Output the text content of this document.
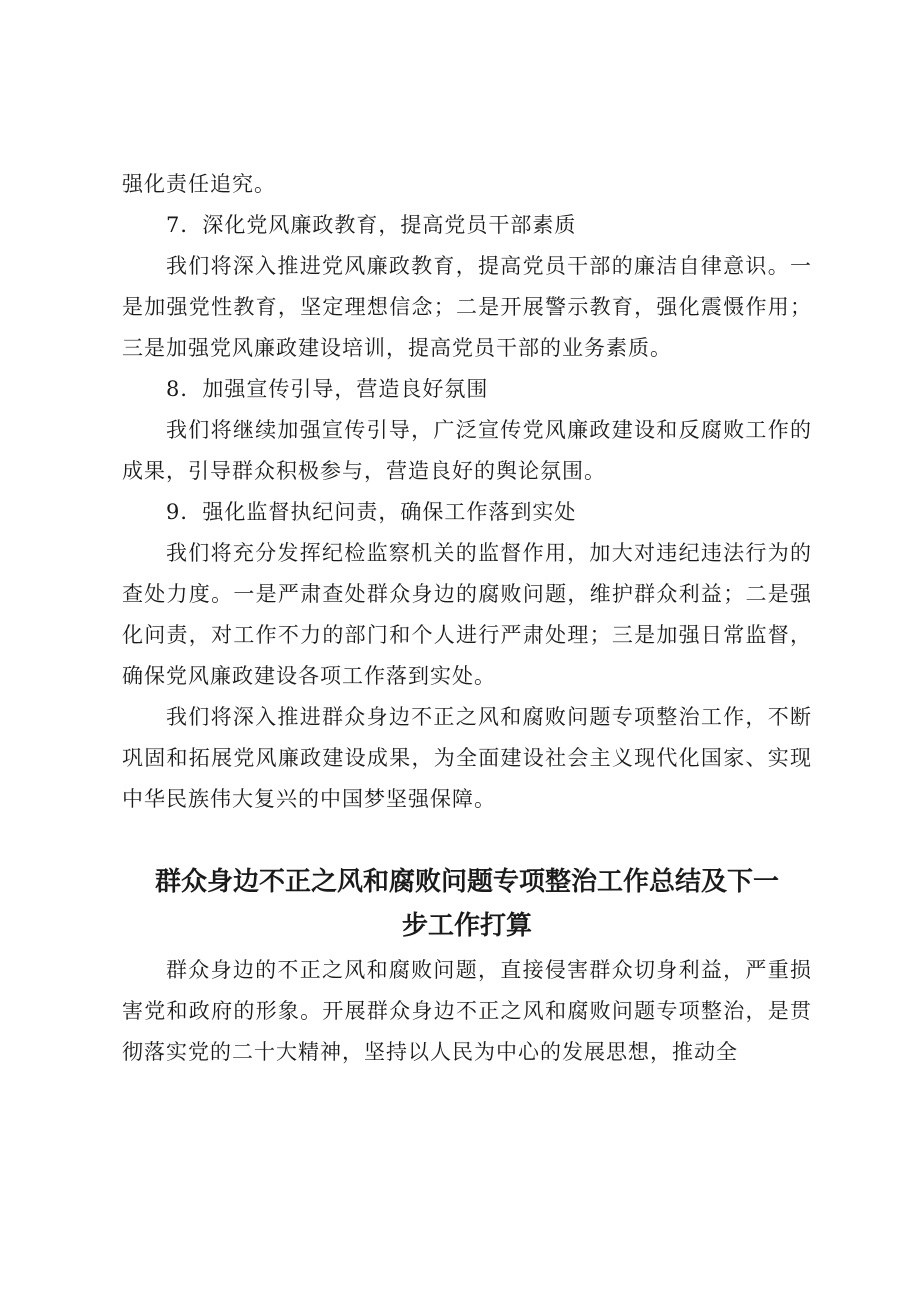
强化责任追究。

7．深化党风廉政教育，提高党员干部素质

我们将深入推进党风廉政教育，提高党员干部的廉洁自律意识。一是加强党性教育，坚定理想信念；二是开展警示教育，强化震慑作用；三是加强党风廉政建设培训，提高党员干部的业务素质。

8．加强宣传引导，营造良好氛围

我们将继续加强宣传引导，广泛宣传党风廉政建设和反腐败工作的成果，引导群众积极参与，营造良好的舆论氛围。

9．强化监督执纪问责，确保工作落到实处

我们将充分发挥纪检监察机关的监督作用，加大对违纪违法行为的查处力度。一是严肃查处群众身边的腐败问题，维护群众利益；二是强化问责，对工作不力的部门和个人进行严肃处理；三是加强日常监督，确保党风廉政建设各项工作落到实处。

我们将深入推进群众身边不正之风和腐败问题专项整治工作，不断巩固和拓展党风廉政建设成果，为全面建设社会主义现代化国家、实现中华民族伟大复兴的中国梦坚强保障。

群众身边不正之风和腐败问题专项整治工作总结及下一
步工作打算

群众身边的不正之风和腐败问题，直接侵害群众切身利益，严重损害党和政府的形象。开展群众身边不正之风和腐败问题专项整治，是贯彻落实党的二十大精神，坚持以人民为中心的发展思想，推动全
